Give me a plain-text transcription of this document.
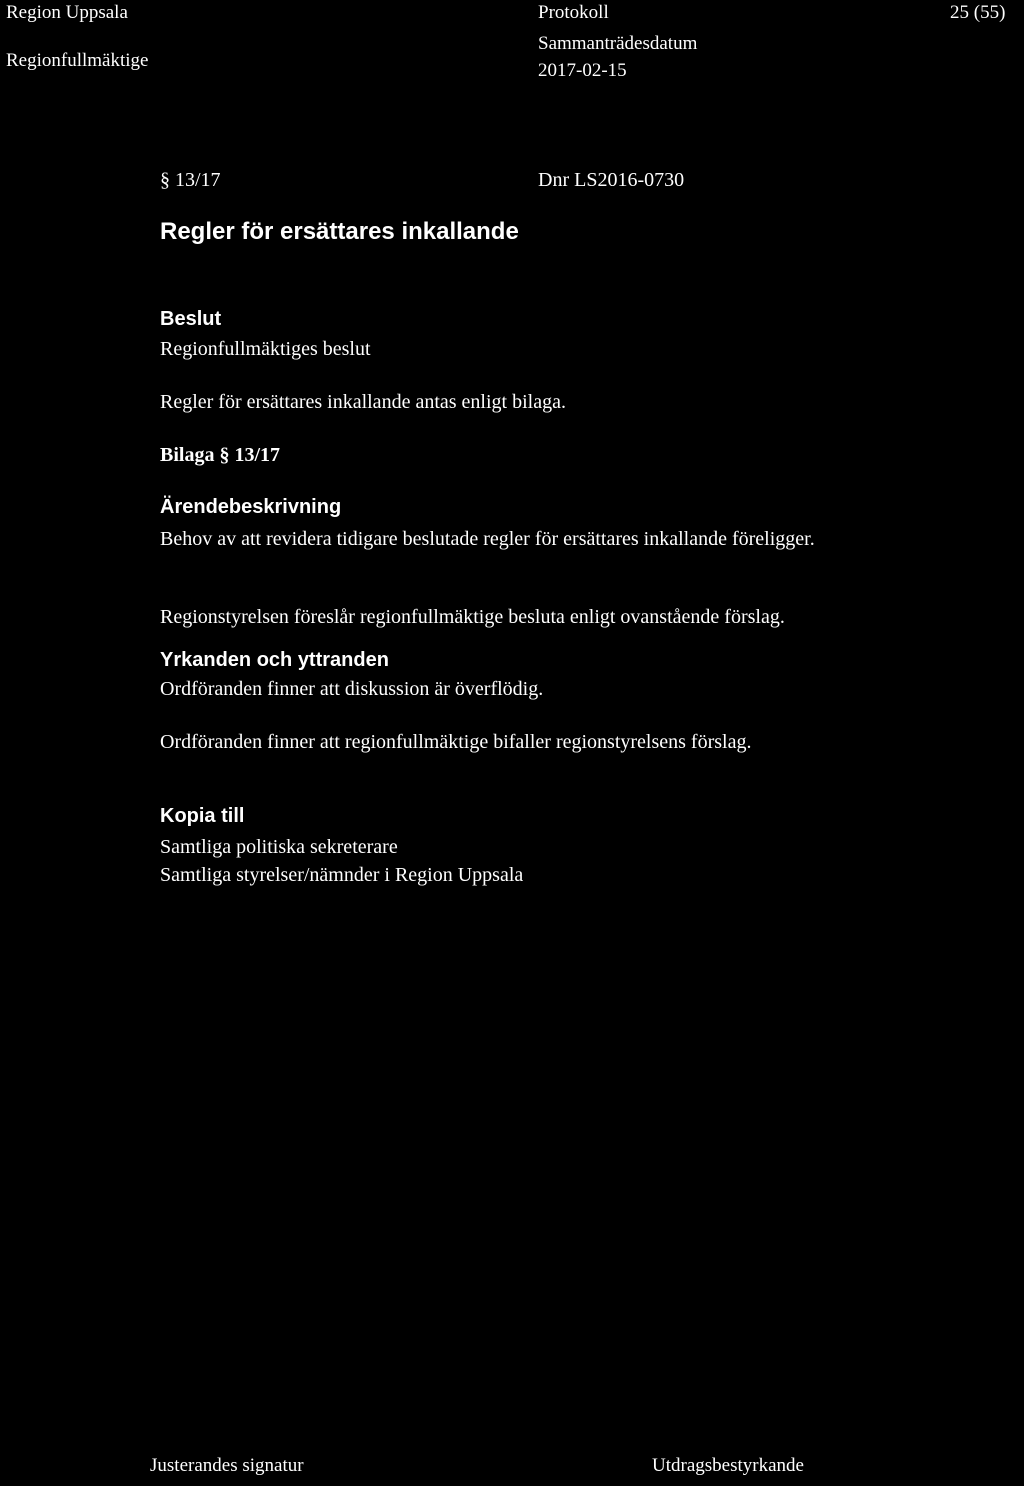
Region Uppsala
Regionfullmäktige
Protokoll
Sammanträdesdatum
2017-02-15
25 (55)
§ 13/17	Dnr LS2016-0730
Regler för ersättares inkallande
Beslut
Regionfullmäktiges beslut
Regler för ersättares inkallande antas enligt bilaga.
Bilaga § 13/17
Ärendebeskrivning
Behov av att revidera tidigare beslutade regler för ersättares inkallande föreligger.
Regionstyrelsen föreslår regionfullmäktige besluta enligt ovanstående förslag.
Yrkanden och yttranden
Ordföranden finner att diskussion är överflödig.
Ordföranden finner att regionfullmäktige bifaller regionstyrelsens förslag.
Kopia till
Samtliga politiska sekreterare
Samtliga styrelser/nämnder i Region Uppsala
Justerandes signatur	Utdragsbestyrkande
